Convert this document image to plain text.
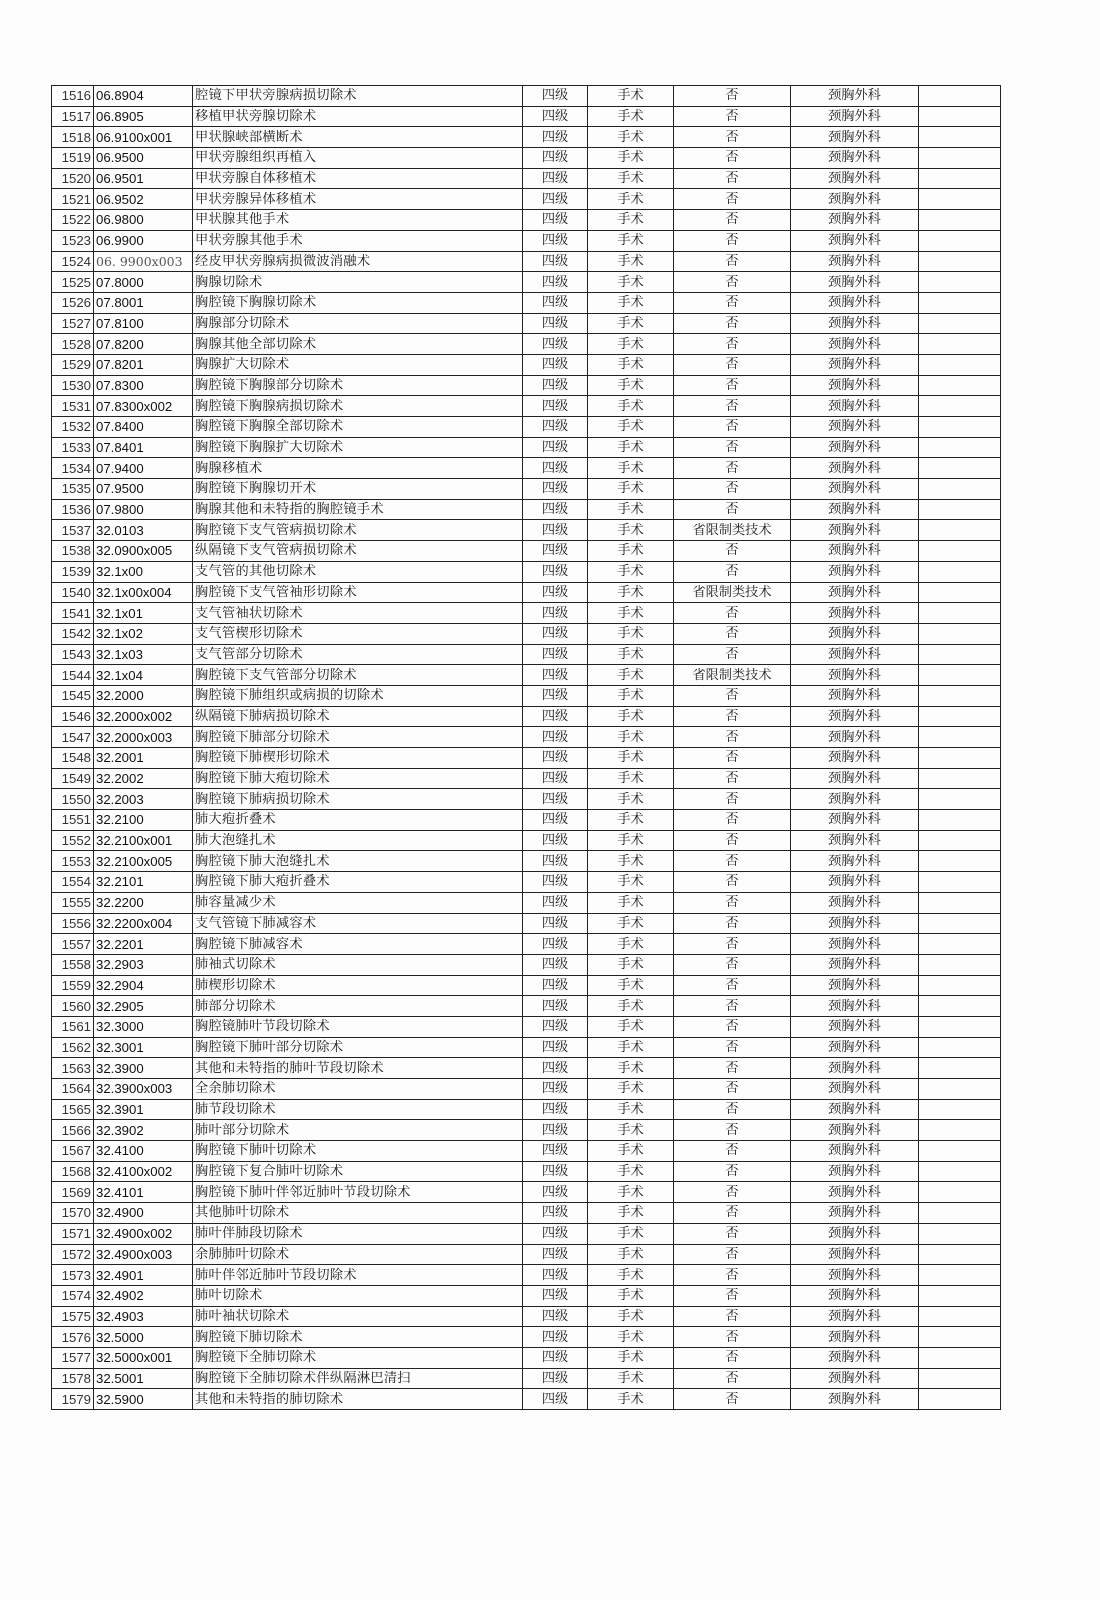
1516	06.8904	腔镜下甲状旁腺病损切除术	四级	手术	否	颈胸外科	
1517	06.8905	移植甲状旁腺切除术	四级	手术	否	颈胸外科	
1518	06.9100x001	甲状腺峡部横断术	四级	手术	否	颈胸外科	
1519	06.9500	甲状旁腺组织再植入	四级	手术	否	颈胸外科	
1520	06.9501	甲状旁腺自体移植术	四级	手术	否	颈胸外科	
1521	06.9502	甲状旁腺异体移植术	四级	手术	否	颈胸外科	
1522	06.9800	甲状腺其他手术	四级	手术	否	颈胸外科	
1523	06.9900	甲状旁腺其他手术	四级	手术	否	颈胸外科	
1524	06. 9900x003	经皮甲状旁腺病损微波消融术	四级	手术	否	颈胸外科	
1525	07.8000	胸腺切除术	四级	手术	否	颈胸外科	
1526	07.8001	胸腔镜下胸腺切除术	四级	手术	否	颈胸外科	
1527	07.8100	胸腺部分切除术	四级	手术	否	颈胸外科	
1528	07.8200	胸腺其他全部切除术	四级	手术	否	颈胸外科	
1529	07.8201	胸腺扩大切除术	四级	手术	否	颈胸外科	
1530	07.8300	胸腔镜下胸腺部分切除术	四级	手术	否	颈胸外科	
1531	07.8300x002	胸腔镜下胸腺病损切除术	四级	手术	否	颈胸外科	
1532	07.8400	胸腔镜下胸腺全部切除术	四级	手术	否	颈胸外科	
1533	07.8401	胸腔镜下胸腺扩大切除术	四级	手术	否	颈胸外科	
1534	07.9400	胸腺移植术	四级	手术	否	颈胸外科	
1535	07.9500	胸腔镜下胸腺切开术	四级	手术	否	颈胸外科	
1536	07.9800	胸腺其他和未特指的胸腔镜手术	四级	手术	否	颈胸外科	
1537	32.0103	胸腔镜下支气管病损切除术	四级	手术	省限制类技术	颈胸外科	
1538	32.0900x005	纵隔镜下支气管病损切除术	四级	手术	否	颈胸外科	
1539	32.1x00	支气管的其他切除术	四级	手术	否	颈胸外科	
1540	32.1x00x004	胸腔镜下支气管袖形切除术	四级	手术	省限制类技术	颈胸外科	
1541	32.1x01	支气管袖状切除术	四级	手术	否	颈胸外科	
1542	32.1x02	支气管楔形切除术	四级	手术	否	颈胸外科	
1543	32.1x03	支气管部分切除术	四级	手术	否	颈胸外科	
1544	32.1x04	胸腔镜下支气管部分切除术	四级	手术	省限制类技术	颈胸外科	
1545	32.2000	胸腔镜下肺组织或病损的切除术	四级	手术	否	颈胸外科	
1546	32.2000x002	纵隔镜下肺病损切除术	四级	手术	否	颈胸外科	
1547	32.2000x003	胸腔镜下肺部分切除术	四级	手术	否	颈胸外科	
1548	32.2001	胸腔镜下肺楔形切除术	四级	手术	否	颈胸外科	
1549	32.2002	胸腔镜下肺大疱切除术	四级	手术	否	颈胸外科	
1550	32.2003	胸腔镜下肺病损切除术	四级	手术	否	颈胸外科	
1551	32.2100	肺大疱折叠术	四级	手术	否	颈胸外科	
1552	32.2100x001	肺大泡缝扎术	四级	手术	否	颈胸外科	
1553	32.2100x005	胸腔镜下肺大泡缝扎术	四级	手术	否	颈胸外科	
1554	32.2101	胸腔镜下肺大疱折叠术	四级	手术	否	颈胸外科	
1555	32.2200	肺容量减少术	四级	手术	否	颈胸外科	
1556	32.2200x004	支气管镜下肺减容术	四级	手术	否	颈胸外科	
1557	32.2201	胸腔镜下肺减容术	四级	手术	否	颈胸外科	
1558	32.2903	肺袖式切除术	四级	手术	否	颈胸外科	
1559	32.2904	肺楔形切除术	四级	手术	否	颈胸外科	
1560	32.2905	肺部分切除术	四级	手术	否	颈胸外科	
1561	32.3000	胸腔镜肺叶节段切除术	四级	手术	否	颈胸外科	
1562	32.3001	胸腔镜下肺叶部分切除术	四级	手术	否	颈胸外科	
1563	32.3900	其他和未特指的肺叶节段切除术	四级	手术	否	颈胸外科	
1564	32.3900x003	全余肺切除术	四级	手术	否	颈胸外科	
1565	32.3901	肺节段切除术	四级	手术	否	颈胸外科	
1566	32.3902	肺叶部分切除术	四级	手术	否	颈胸外科	
1567	32.4100	胸腔镜下肺叶切除术	四级	手术	否	颈胸外科	
1568	32.4100x002	胸腔镜下复合肺叶切除术	四级	手术	否	颈胸外科	
1569	32.4101	胸腔镜下肺叶伴邻近肺叶节段切除术	四级	手术	否	颈胸外科	
1570	32.4900	其他肺叶切除术	四级	手术	否	颈胸外科	
1571	32.4900x002	肺叶伴肺段切除术	四级	手术	否	颈胸外科	
1572	32.4900x003	余肺肺叶切除术	四级	手术	否	颈胸外科	
1573	32.4901	肺叶伴邻近肺叶节段切除术	四级	手术	否	颈胸外科	
1574	32.4902	肺叶切除术	四级	手术	否	颈胸外科	
1575	32.4903	肺叶袖状切除术	四级	手术	否	颈胸外科	
1576	32.5000	胸腔镜下肺切除术	四级	手术	否	颈胸外科	
1577	32.5000x001	胸腔镜下全肺切除术	四级	手术	否	颈胸外科	
1578	32.5001	胸腔镜下全肺切除术伴纵隔淋巴清扫	四级	手术	否	颈胸外科	
1579	32.5900	其他和未特指的肺切除术	四级	手术	否	颈胸外科	
